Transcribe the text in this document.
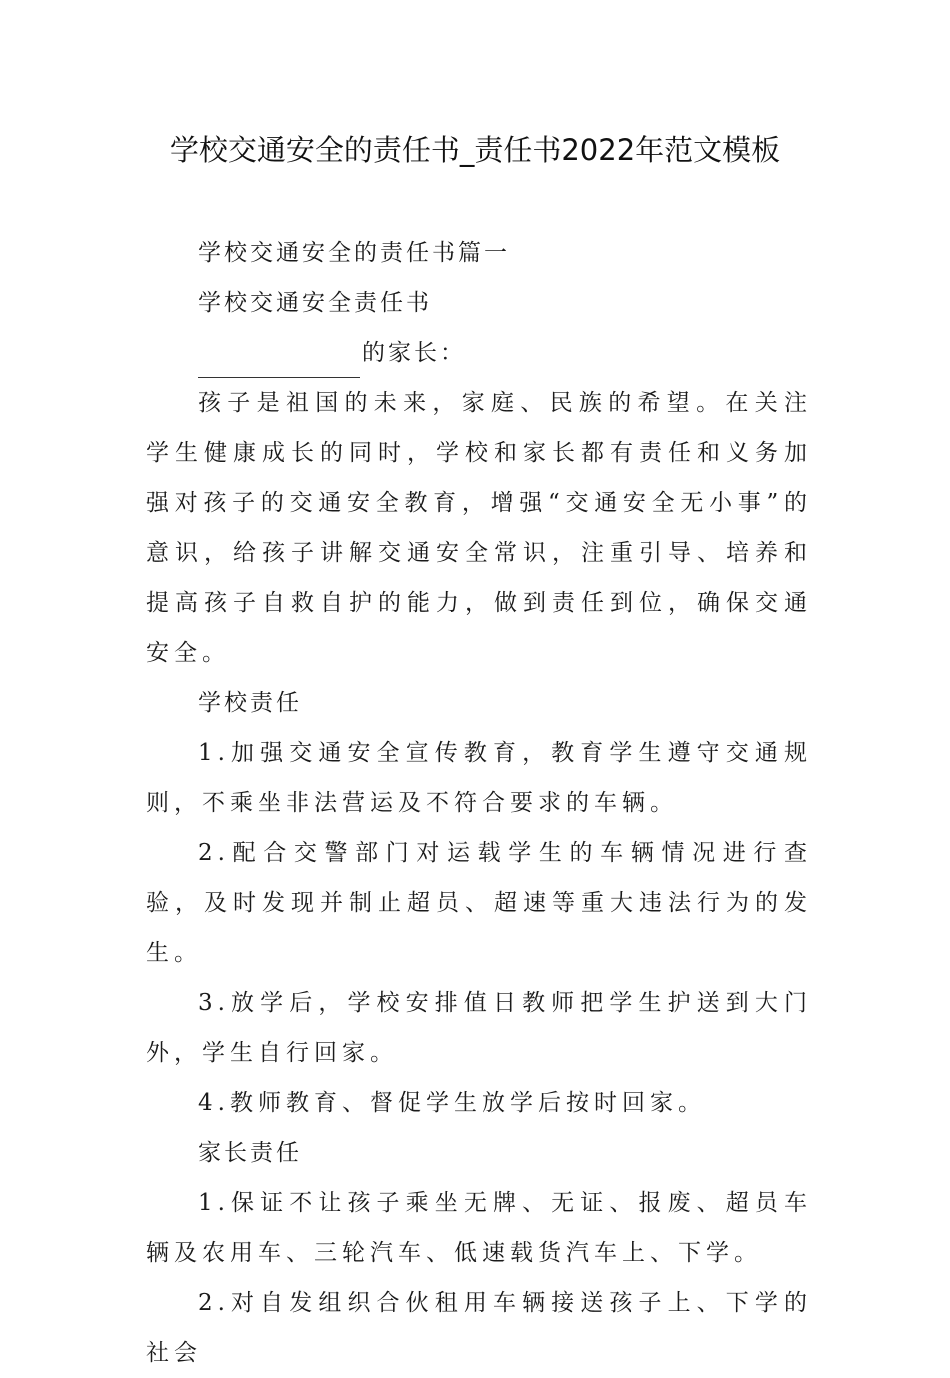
学校交通安全的责任书_责任书2022年范文模板

学校交通安全的责任书篇一

学校交通安全责任书

的家长：

孩子是祖国的未来，家庭、民族的希望。在关注学生健康成长的同时，学校和家长都有责任和义务加强对孩子的交通安全教育，增强“交通安全无小事”的意识，给孩子讲解交通安全常识，注重引导、培养和提高孩子自救自护的能力，做到责任到位，确保交通安全。

学校责任

1.加强交通安全宣传教育，教育学生遵守交通规则，不乘坐非法营运及不符合要求的车辆。

2.配合交警部门对运载学生的车辆情况进行查验，及时发现并制止超员、超速等重大违法行为的发生。

3.放学后，学校安排值日教师把学生护送到大门外，学生自行回家。

4.教师教育、督促学生放学后按时回家。

家长责任

1.保证不让孩子乘坐无牌、无证、报废、超员车辆及农用车、三轮汽车、低速载货汽车上、下学。

2.对自发组织合伙租用车辆接送孩子上、下学的社会
